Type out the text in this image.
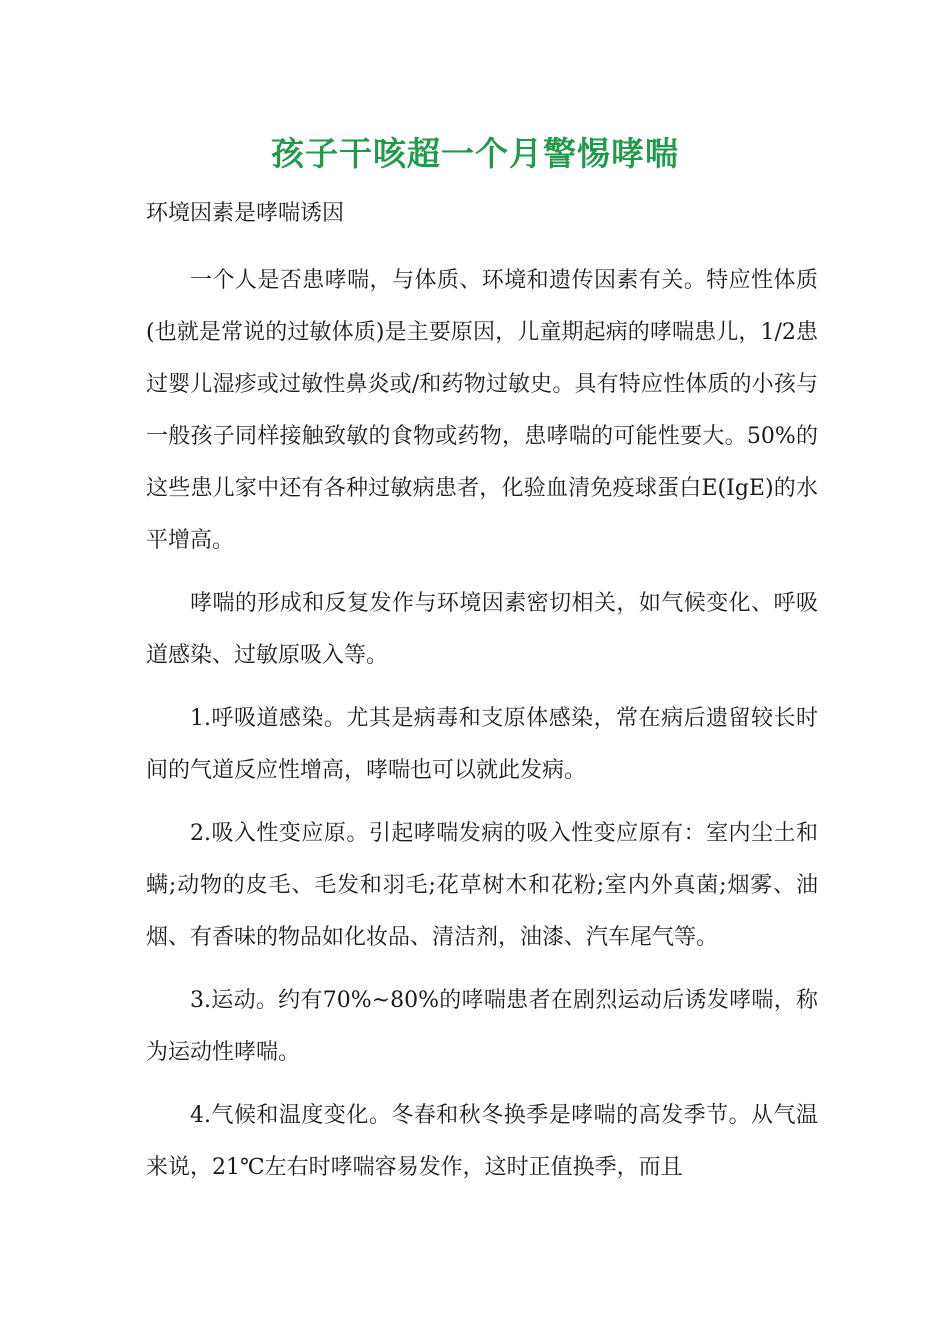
孩子干咳超一个月警惕哮喘

环境因素是哮喘诱因

一个人是否患哮喘，与体质、环境和遗传因素有关。特应性体质(也就是常说的过敏体质)是主要原因，儿童期起病的哮喘患儿，1/2患过婴儿湿疹或过敏性鼻炎或/和药物过敏史。具有特应性体质的小孩与一般孩子同样接触致敏的食物或药物，患哮喘的可能性要大。50%的这些患儿家中还有各种过敏病患者，化验血清免疫球蛋白E(IgE)的水平增高。

哮喘的形成和反复发作与环境因素密切相关，如气候变化、呼吸道感染、过敏原吸入等。

1.呼吸道感染。尤其是病毒和支原体感染，常在病后遗留较长时间的气道反应性增高，哮喘也可以就此发病。

2.吸入性变应原。引起哮喘发病的吸入性变应原有：室内尘土和螨;动物的皮毛、毛发和羽毛;花草树木和花粉;室内外真菌;烟雾、油烟、有香味的物品如化妆品、清洁剂，油漆、汽车尾气等。

3.运动。约有70%~80%的哮喘患者在剧烈运动后诱发哮喘，称为运动性哮喘。

4.气候和温度变化。冬春和秋冬换季是哮喘的高发季节。从气温来说，21℃左右时哮喘容易发作，这时正值换季，而且
